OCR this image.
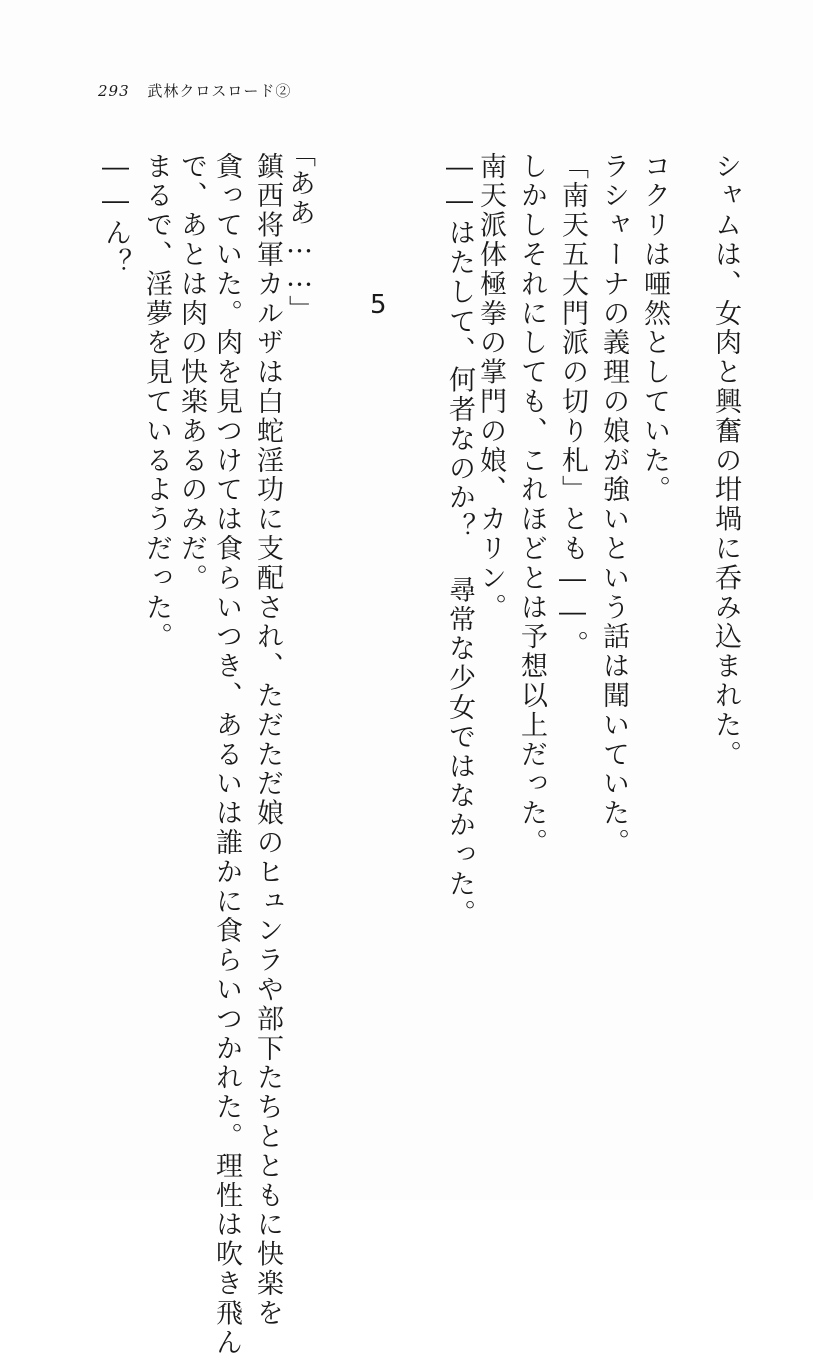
293 武林クロスロード②
シャムは、女肉と興奮の坩堝に呑み込まれた。
コクリは唖然としていた。
ラシャーナの義理の娘が強いという話は聞いていた。
「南天五大門派の切り札」とも――。
しかしそれにしても、これほどとは予想以上だった。
南天派体極拳の掌門の娘、カリン。
――はたして、何者なのか？ 尋常な少女ではなかった。
5
「ああ……」
鎮西将軍カルザは白蛇淫功に支配され、ただただ娘のヒュンラや部下たちとともに快楽を
貪っていた。肉を見つけては食らいつき、あるいは誰かに食らいつかれた。理性は吹き飛ん
で、あとは肉の快楽あるのみだ。
まるで、淫夢を見ているようだった。
――ん？
